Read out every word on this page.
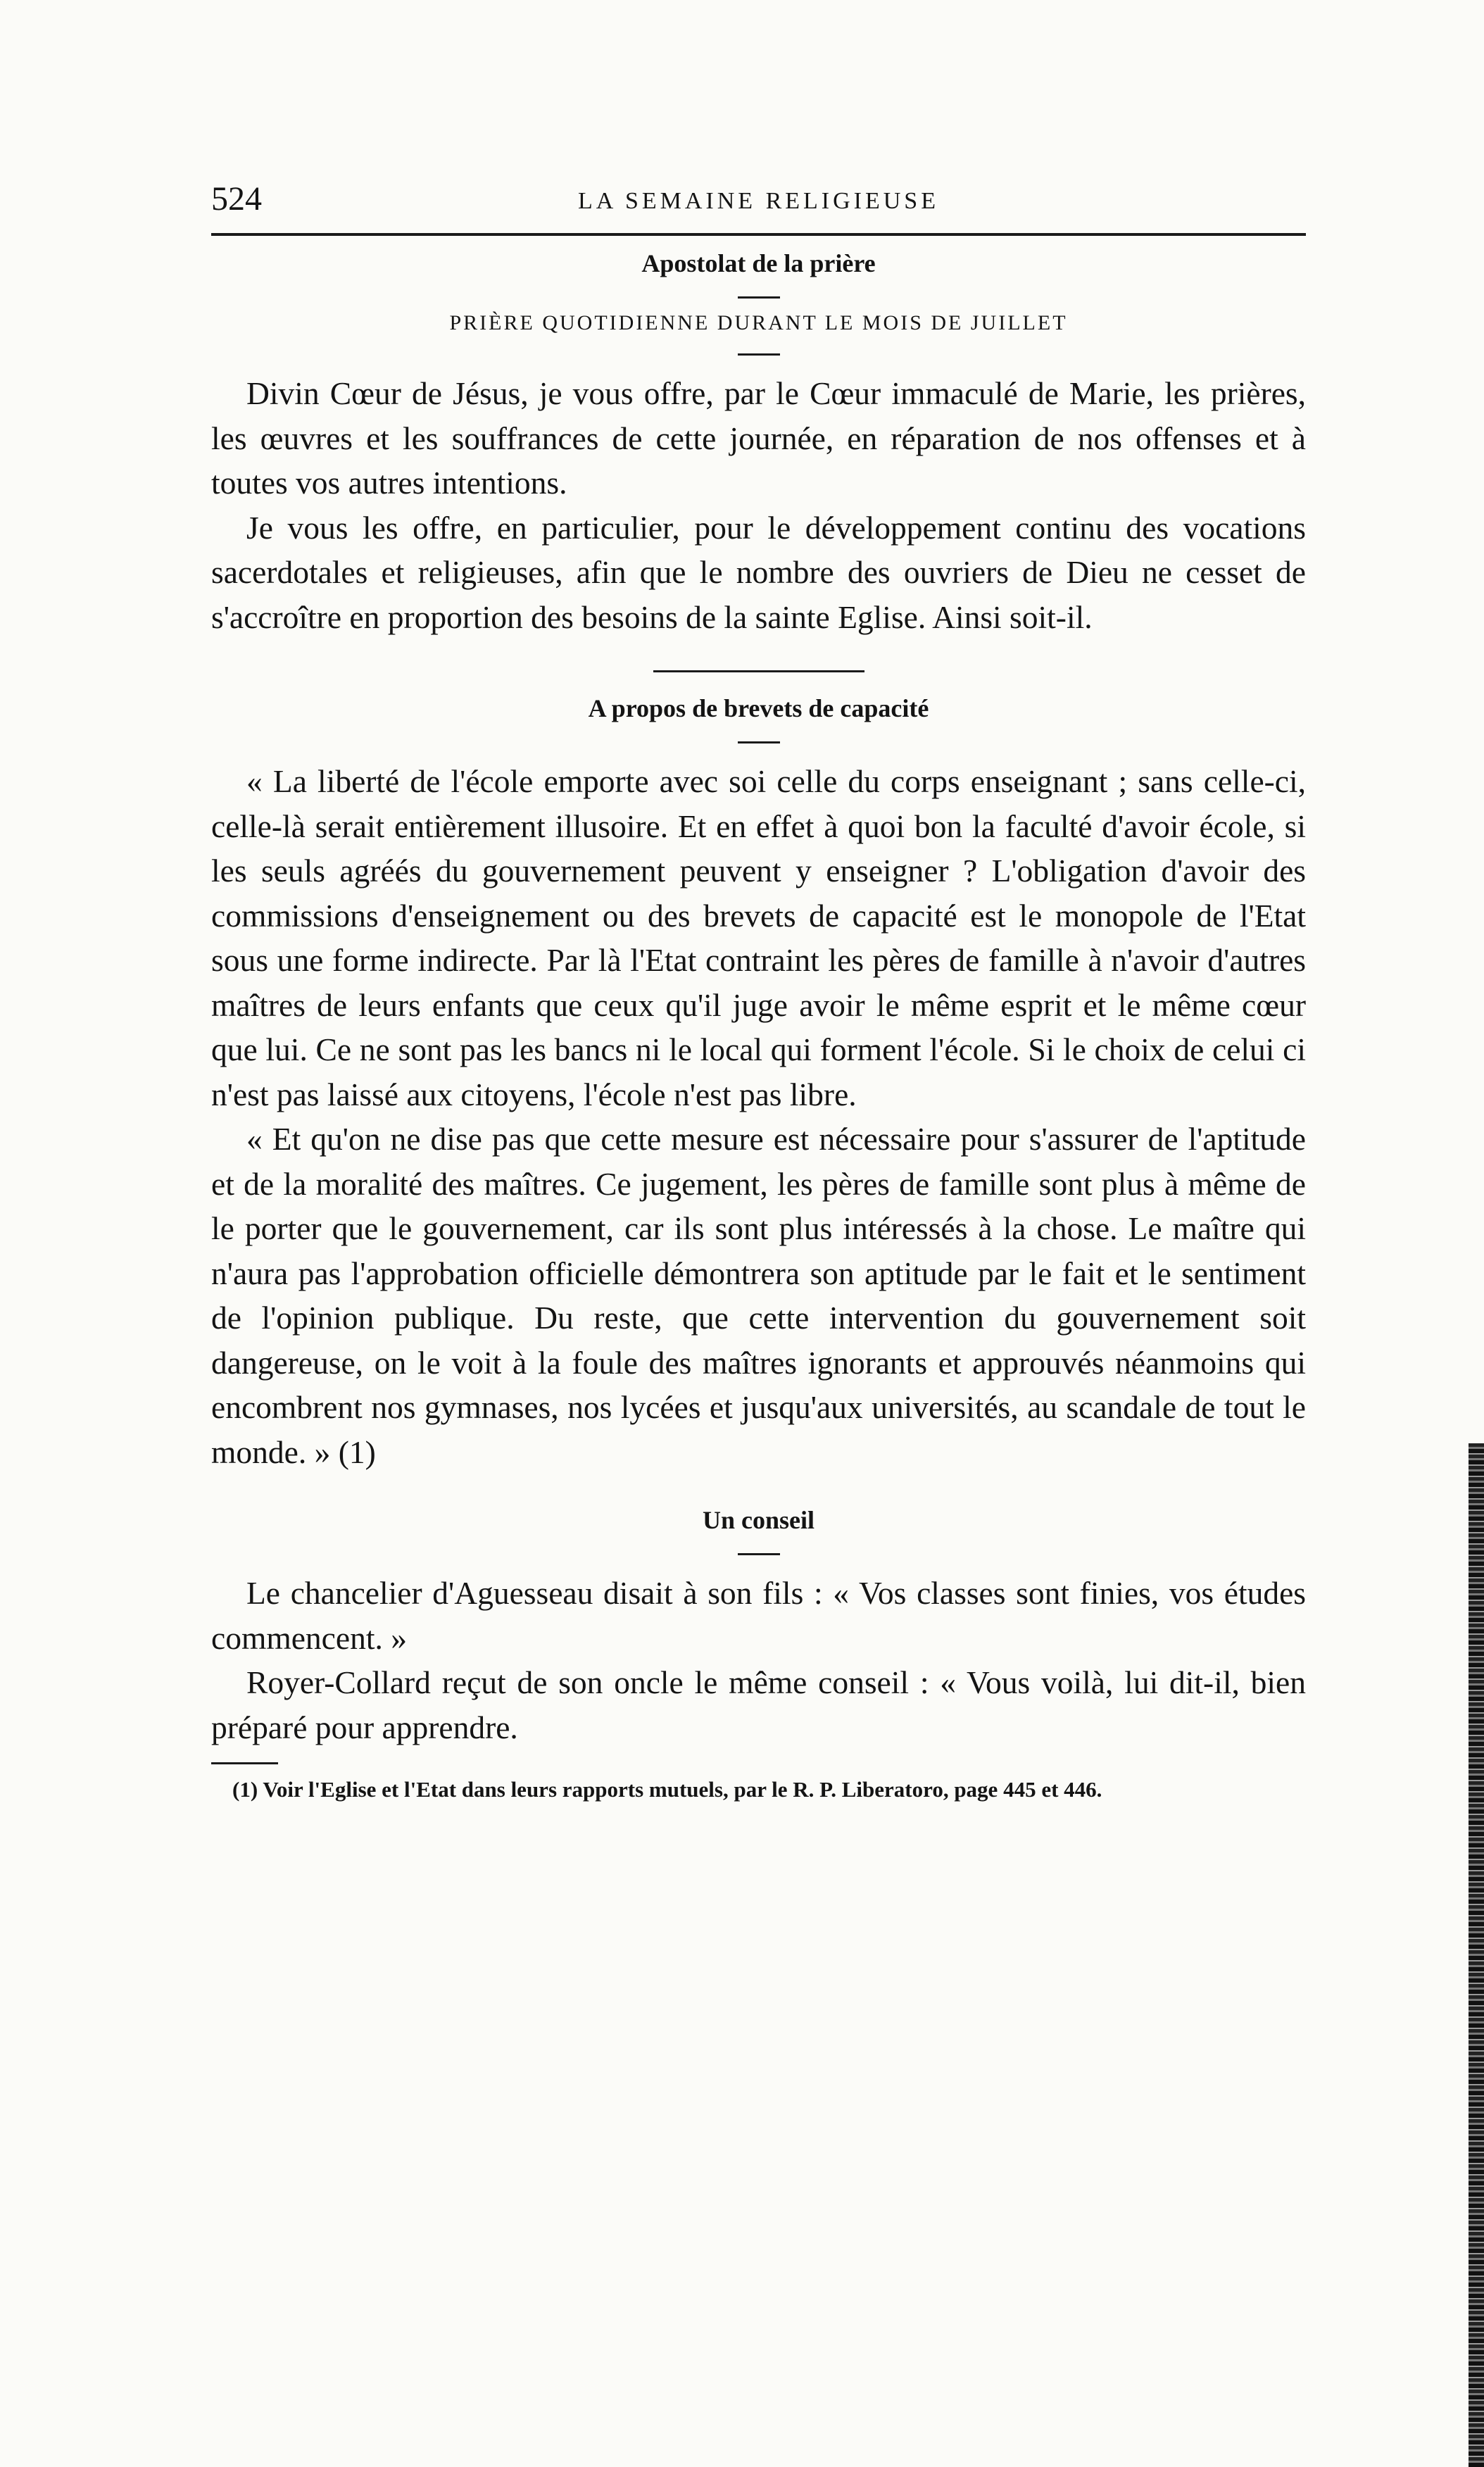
524	LA SEMAINE RELIGIEUSE
Apostolat de la prière
PRIÈRE QUOTIDIENNE DURANT LE MOIS DE JUILLET

Divin Cœur de Jésus, je vous offre, par le Cœur immaculé de Marie, les prières, les œuvres et les souffrances de cette journée, en réparation de nos offenses et à toutes vos autres intentions.

Je vous les offre, en particulier, pour le développement continu des vocations sacerdotales et religieuses, afin que le nombre des ouvriers de Dieu ne cesset de s'accroître en proportion des besoins de la sainte Eglise. Ainsi soit-il.

A propos de brevets de capacité

« La liberté de l'école emporte avec soi celle du corps enseignant ; sans celle-ci, celle-là serait entièrement illusoire. Et en effet à quoi bon la faculté d'avoir école, si les seuls agréés du gouvernement peuvent y enseigner ? L'obligation d'avoir des commissions d'enseignement ou des brevets de capacité est le monopole de l'Etat sous une forme indirecte. Par là l'Etat contraint les pères de famille à n'avoir d'autres maîtres de leurs enfants que ceux qu'il juge avoir le même esprit et le même cœur que lui. Ce ne sont pas les bancs ni le local qui forment l'école. Si le choix de celui ci n'est pas laissé aux citoyens, l'école n'est pas libre.

« Et qu'on ne dise pas que cette mesure est nécessaire pour s'assurer de l'aptitude et de la moralité des maîtres. Ce jugement, les pères de famille sont plus à même de le porter que le gouvernement, car ils sont plus intéressés à la chose. Le maître qui n'aura pas l'approbation officielle démontrera son aptitude par le fait et le sentiment de l'opinion publique. Du reste, que cette intervention du gouvernement soit dangereuse, on le voit à la foule des maîtres ignorants et approuvés néanmoins qui encombrent nos gymnases, nos lycées et jusqu'aux universités, au scandale de tout le monde. » (1)

Un conseil

Le chancelier d'Aguesseau disait à son fils : « Vos classes sont finies, vos études commencent. »

Royer-Collard reçut de son oncle le même conseil : « Vous voilà, lui dit-il, bien préparé pour apprendre.

(1) Voir l'Eglise et l'Etat dans leurs rapports mutuels, par le R. P. Liberatoro, page 445 et 446.
